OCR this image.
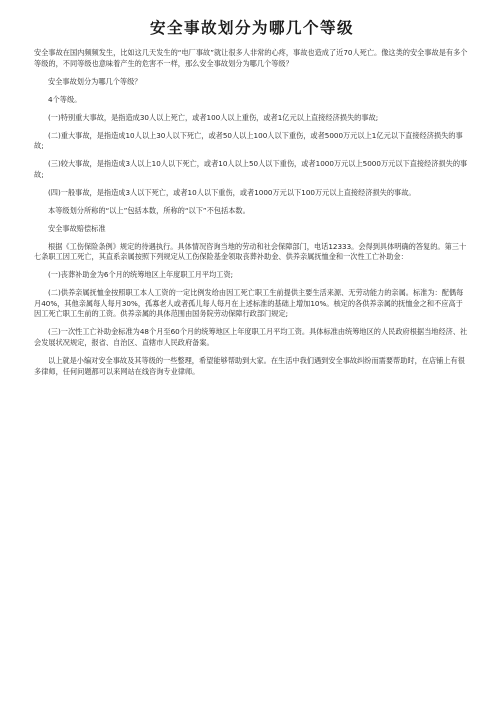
安全事故划分为哪几个等级
安全事故在国内频频发生，比如这几天发生的“电厂事故”就让很多人非常的心疼，事故也造成了近70人死亡。像这类的安全事故是有多个等级的，不同等级也意味着产生的危害不一样，那么安全事故划分为哪几个等级？
安全事故划分为哪几个等级？
4个等级。
(一)特别重大事故，是指造成30人以上死亡，或者100人以上重伤，或者1亿元以上直接经济损失的事故;
(二)重大事故，是指造成10人以上30人以下死亡，或者50人以上100人以下重伤，或者5000万元以上1亿元以下直接经济损失的事故;
(三)较大事故，是指造成3人以上10人以下死亡，或者10人以上50人以下重伤，或者1000万元以上5000万元以下直接经济损失的事故;
(四)一般事故，是指造成3人以下死亡，或者10人以下重伤，或者1000万元以下100万元以上直接经济损失的事故。
本等级划分所称的“以上”包括本数，所称的“以下”不包括本数。
安全事故赔偿标准
根据《工伤保险条例》规定的待遇执行。具体情况咨询当地的劳动和社会保障部门，电话12333。会得到具体明确的答复的。第三十七条职工因工死亡，其直系亲属按照下列规定从工伤保险基金领取丧葬补助金、供养亲属抚恤金和一次性工亡补助金：
(一)丧葬补助金为6个月的统筹地区上年度职工月平均工资;
(二)供养亲属抚恤金按照职工本人工资的一定比例发给由因工死亡职工生前提供主要生活来源、无劳动能力的亲属。标准为：配偶每月40%，其他亲属每人每月30%，孤寡老人或者孤儿每人每月在上述标准的基础上增加10%。核定的各供养亲属的抚恤金之和不应高于因工死亡职工生前的工资。供养亲属的具体范围由国务院劳动保障行政部门规定;
(三)一次性工亡补助金标准为48个月至60个月的统筹地区上年度职工月平均工资。具体标准由统筹地区的人民政府根据当地经济、社会发展状况规定，报省、自治区、直辖市人民政府备案。
以上就是小编对安全事故及其等级的一些整理，希望能够帮助到大家。在生活中我们遇到安全事故纠纷而需要帮助时，在店铺上有很多律师，任何问题都可以来网站在线咨询专业律师。
